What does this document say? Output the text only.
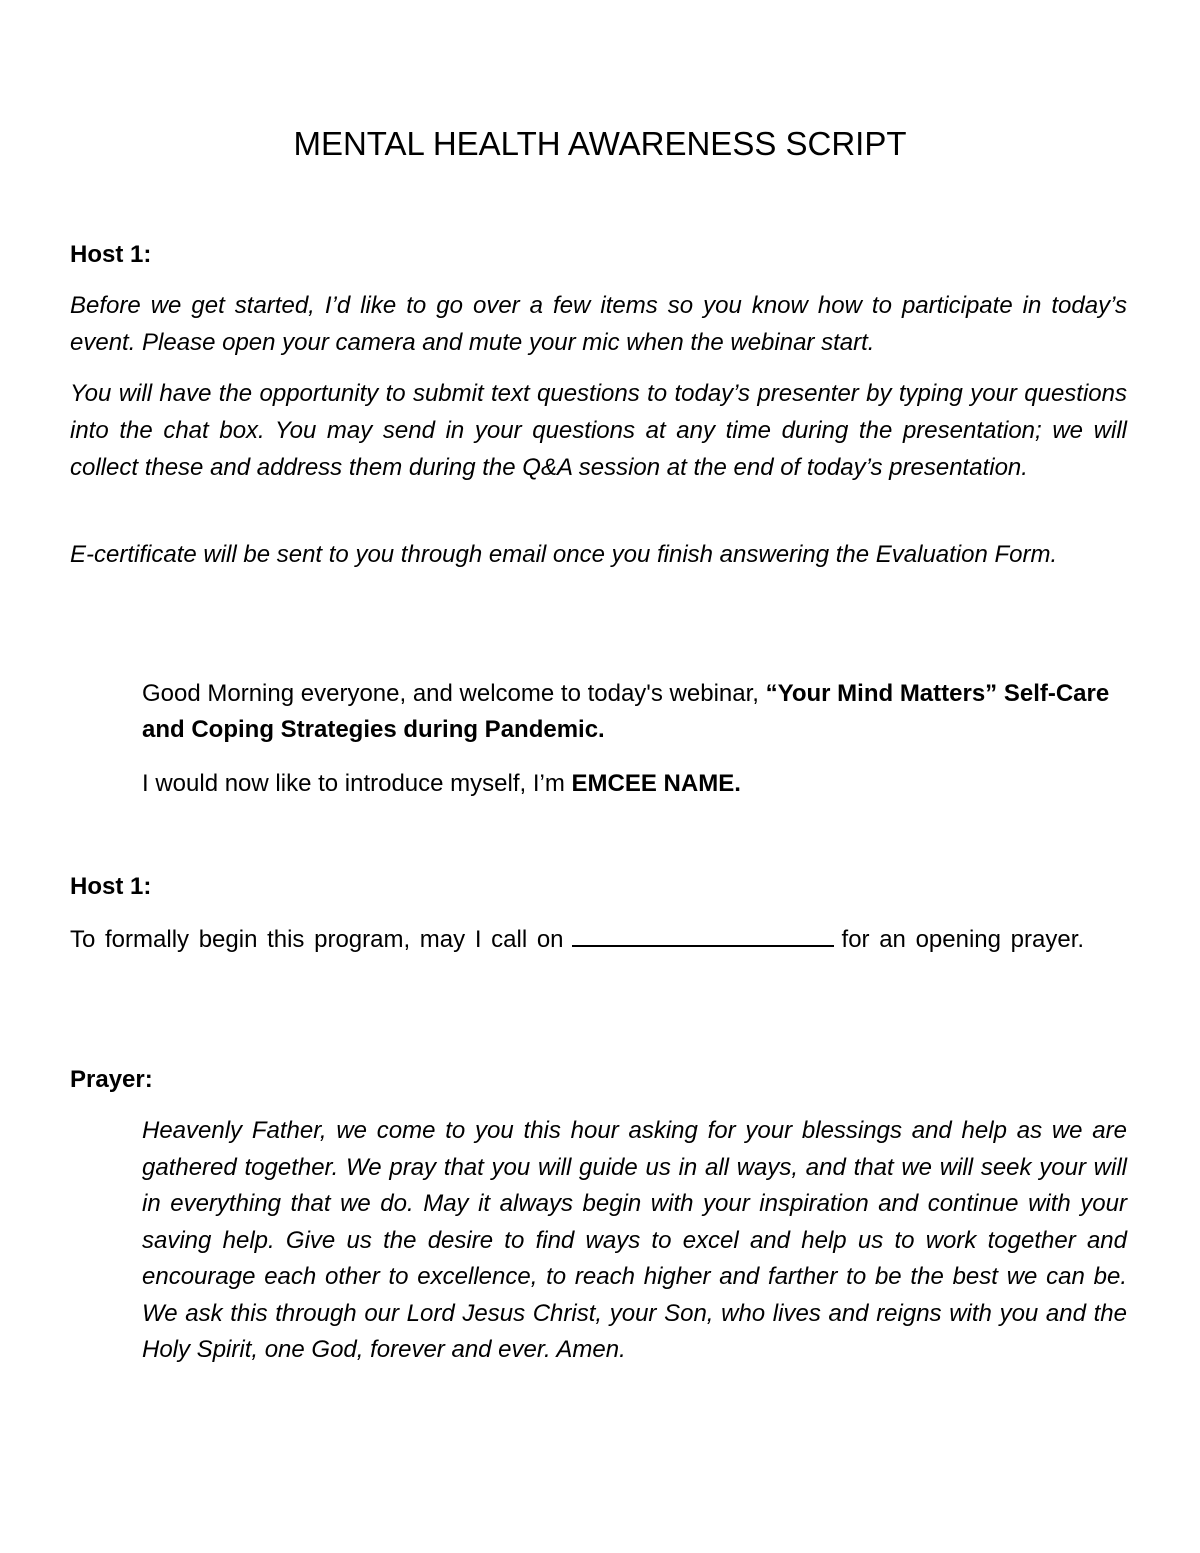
MENTAL HEALTH AWARENESS SCRIPT
Host 1:

Before we get started, I’d like to go over a few items so you know how to participate in today’s event. Please open your camera and mute your mic when the webinar start.

You will have the opportunity to submit text questions to today’s presenter by typing your questions into the chat box. You may send in your questions at any time during the presentation; we will collect these and address them during the Q&A session at the end of today’s presentation.

E-certificate will be sent to you through email once you finish answering the Evaluation Form.

Good Morning everyone, and welcome to today's webinar, “Your Mind Matters” Self-Care and Coping Strategies during Pandemic.

I would now like to introduce myself, I’m EMCEE NAME.

Host 1:

To formally begin this program, may I call on	for an opening prayer.

Prayer:

Heavenly Father, we come to you this hour asking for your blessings and help as we are gathered together. We pray that you will guide us in all ways, and that we will seek your will in everything that we do. May it always begin with your inspiration and continue with your saving help. Give us the desire to find ways to excel and help us to work together and encourage each other to excellence, to reach higher and farther to be the best we can be. We ask this through our Lord Jesus Christ, your Son, who lives and reigns with you and the Holy Spirit, one God, forever and ever. Amen.
